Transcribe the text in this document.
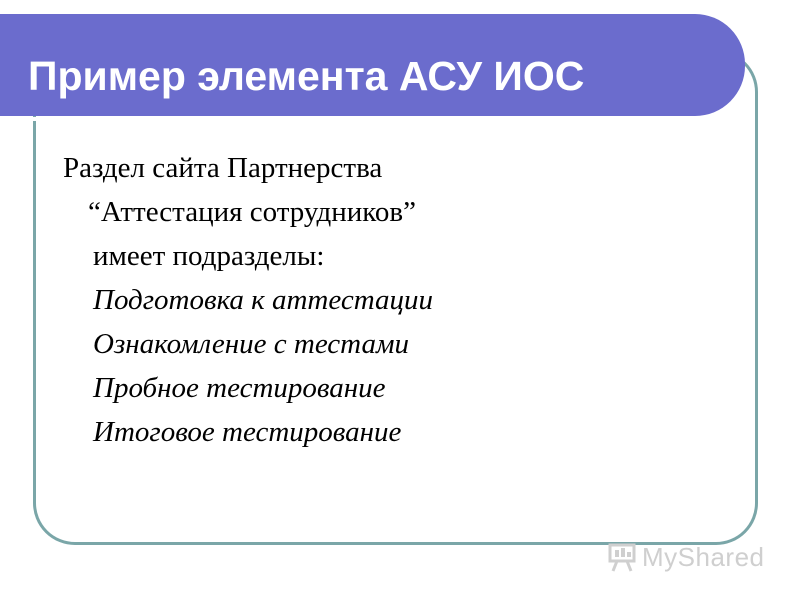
Пример элемента АСУ ИОС
Раздел сайта Партнерства
“Аттестация сотрудников”
имеет подразделы:
Подготовка к аттестации
Ознакомление с тестами
Пробное тестирование
Итоговое тестирование
MyShared
